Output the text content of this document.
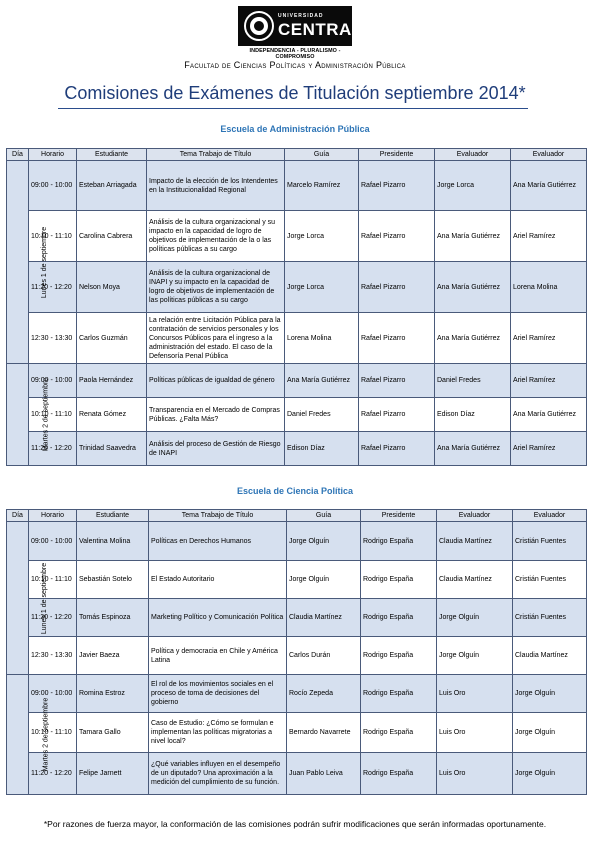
UNIVERSIDAD
CENTRAL
INDEPENDENCIA - PLURALISMO - COMPROMISO
Facultad de Ciencias Políticas y Administración Pública
Comisiones de Exámenes de Titulación septiembre 2014*
Escuela de Administración Pública
Día	Horario	Estudiante	Tema Trabajo de Título	Guía	Presidente	Evaluador	Evaluador
Lunes 1 de septiembre	09:00 - 10:00	Esteban Arriagada	Impacto de la elección de los Intendentes en la Institucionalidad Regional	Marcelo Ramírez	Rafael Pizarro	Jorge Lorca	Ana María Gutiérrez
	10:10 - 11:10	Carolina Cabrera	Análisis de la cultura organizacional y su impacto en la capacidad de logro de objetivos de implementación de la o las políticas públicas a su cargo	Jorge Lorca	Rafael Pizarro	Ana María Gutiérrez	Ariel Ramírez
	11:20 - 12:20	Nelson Moya	Análisis de la cultura organizacional de INAPI y su impacto en la capacidad de logro de objetivos de implementación de las políticas públicas a su cargo	Jorge Lorca	Rafael Pizarro	Ana María Gutiérrez	Lorena Molina
	12:30 - 13:30	Carlos Guzmán	La relación entre Licitación Pública para la contratación de servicios personales y los Concursos Públicos para el ingreso a la administración del estado. El caso de la Defensoría Penal Pública	Lorena Molina	Rafael Pizarro	Ana María Gutiérrez	Ariel Ramírez
Martes 2 de septiembre	09:00 - 10:00	Paola Hernández	Políticas públicas de igualdad de género	Ana María Gutiérrez	Rafael Pizarro	Daniel Fredes	Ariel Ramírez
	10:10 - 11:10	Renata Gómez	Transparencia en el Mercado de Compras Públicas. ¿Falta Más?	Daniel Fredes	Rafael Pizarro	Edison Díaz	Ana María Gutiérrez
	11:20 - 12:20	Trinidad Saavedra	Análisis del proceso de Gestión de Riesgo de INAPI	Edison Díaz	Rafael Pizarro	Ana María Gutiérrez	Ariel Ramírez
Escuela de Ciencia Política
Día	Horario	Estudiante	Tema Trabajo de Título	Guía	Presidente	Evaluador	Evaluador
Lunes 1 de septiembre	09:00 - 10:00	Valentina Molina	Políticas en Derechos Humanos	Jorge Olguín	Rodrigo España	Claudia Martínez	Cristián Fuentes
	10:10 - 11:10	Sebastián Sotelo	El Estado Autoritario	Jorge Olguín	Rodrigo España	Claudia Martínez	Cristián Fuentes
	11:20 - 12:20	Tomás Espinoza	Marketing Político y Comunicación Política	Claudia Martínez	Rodrigo España	Jorge Olguín	Cristián Fuentes
	12:30 - 13:30	Javier Baeza	Política y democracia en Chile y América Latina	Carlos Durán	Rodrigo España	Jorge Olguín	Claudia Martínez
Martes 2 de septiembre	09:00 - 10:00	Romina Estroz	El rol de los movimientos sociales en el proceso de toma de decisiones del gobierno	Rocío Zepeda	Rodrigo España	Luis Oro	Jorge Olguín
	10:10 - 11:10	Tamara Gallo	Caso de Estudio: ¿Cómo se formulan e implementan las políticas migratorias a nivel local?	Bernardo Navarrete	Rodrigo España	Luis Oro	Jorge Olguín
	11:20 - 12:20	Felipe Jarnett	¿Qué variables influyen en el desempeño de un diputado? Una aproximación a la medición del cumplimiento de su función.	Juan Pablo Leiva	Rodrigo España	Luis Oro	Jorge Olguín
*Por razones de fuerza mayor, la conformación de las comisiones podrán sufrir modificaciones que serán informadas oportunamente.
